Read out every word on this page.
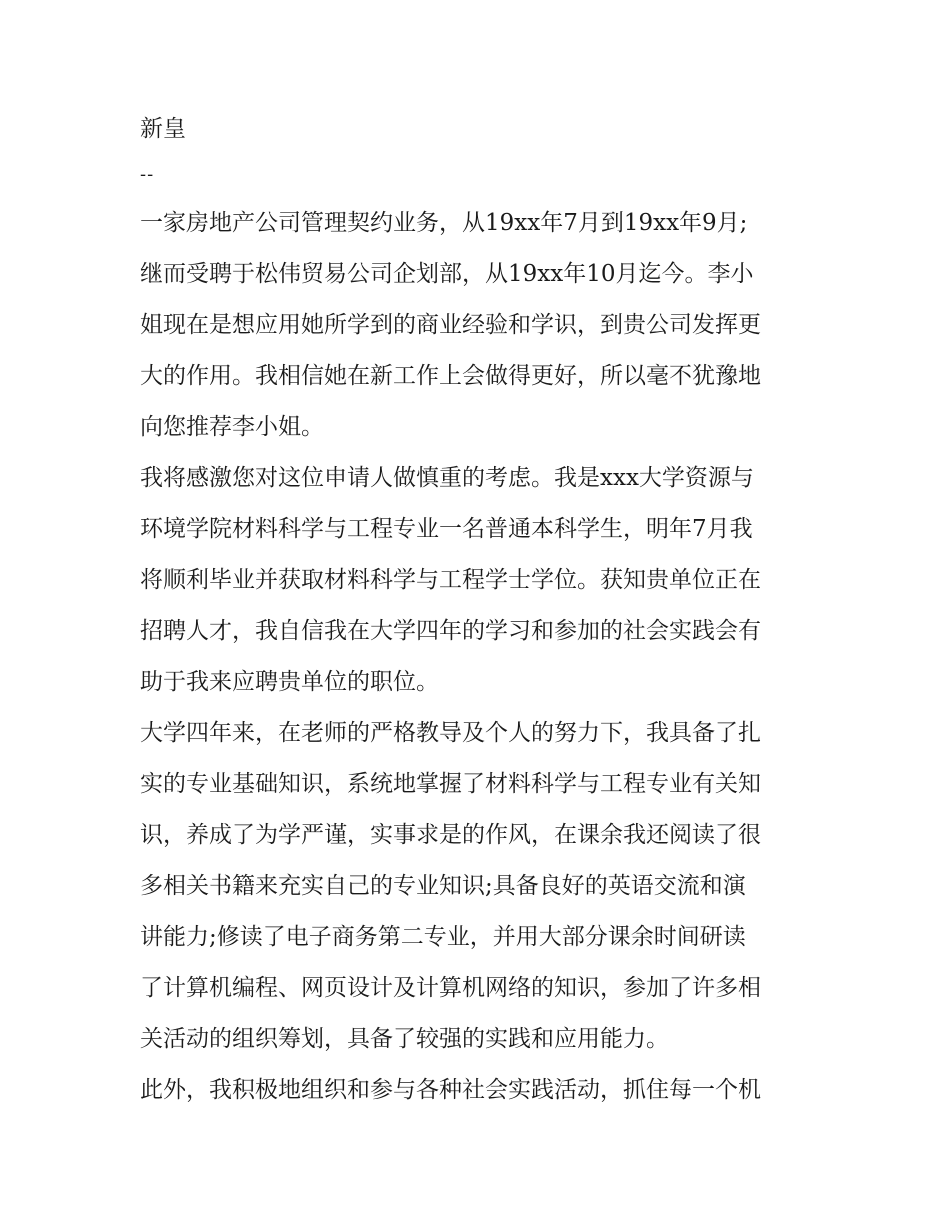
新皇
--
一家房地产公司管理契约业务，从19xx年7月到19xx年9月;
继而受聘于松伟贸易公司企划部，从19xx年10月迄今。李小
姐现在是想应用她所学到的商业经验和学识，到贵公司发挥更
大的作用。我相信她在新工作上会做得更好，所以毫不犹豫地
向您推荐李小姐。
我将感激您对这位申请人做慎重的考虑。我是xxx大学资源与
环境学院材料科学与工程专业一名普通本科学生，明年7月我
将顺利毕业并获取材料科学与工程学士学位。获知贵单位正在
招聘人才，我自信我在大学四年的学习和参加的社会实践会有
助于我来应聘贵单位的职位。
大学四年来，在老师的严格教导及个人的努力下，我具备了扎
实的专业基础知识，系统地掌握了材料科学与工程专业有关知
识，养成了为学严谨，实事求是的作风，在课余我还阅读了很
多相关书籍来充实自己的专业知识;具备良好的英语交流和演
讲能力;修读了电子商务第二专业，并用大部分课余时间研读
了计算机编程、网页设计及计算机网络的知识，参加了许多相
关活动的组织筹划，具备了较强的实践和应用能力。
此外，我积极地组织和参与各种社会实践活动，抓住每一个机
